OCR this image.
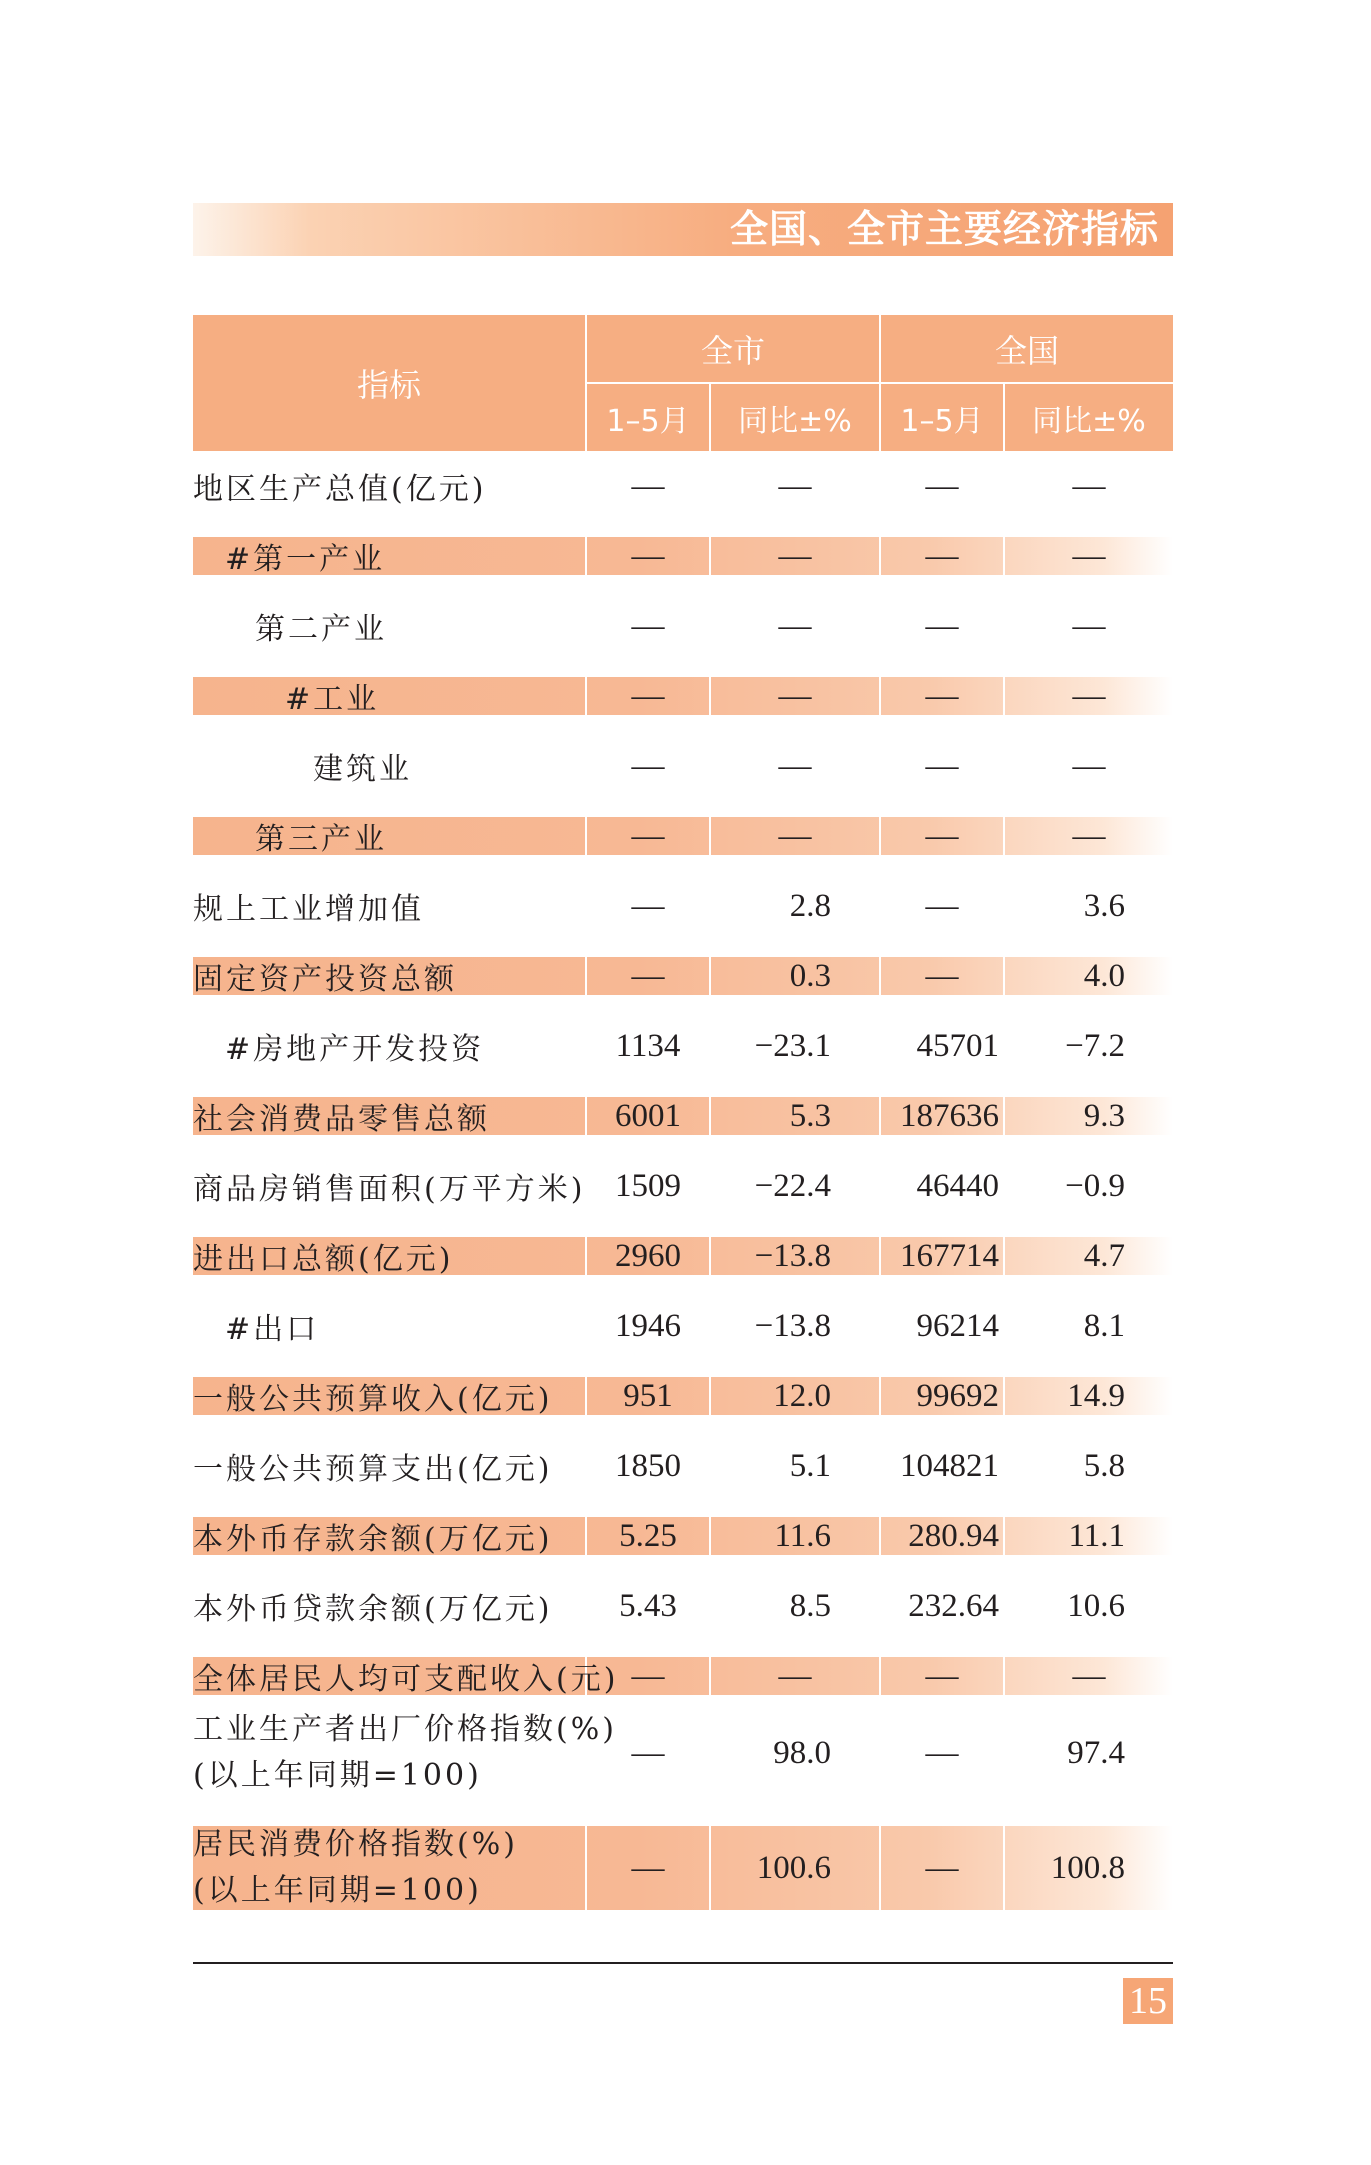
全国、全市主要经济指标
指标
全市	全国
1–5月	同比±%	1–5月	同比±%
地区生产总值(亿元)	—	—	—	—
#第一产业	—	—	—	—
第二产业	—	—	—	—
#工业	—	—	—	—
建筑业	—	—	—	—
第三产业	—	—	—	—
规上工业增加值	—	2.8	—	3.6
固定资产投资总额	—	0.3	—	4.0
#房地产开发投资	1134	−23.1	45701	−7.2
社会消费品零售总额	6001	5.3	187636	9.3
商品房销售面积(万平方米) 1509	−22.4	46440	−0.9
进出口总额(亿元)	2960	−13.8	167714	4.7
#出口	1946	−13.8	96214	8.1
一般公共预算收入(亿元)	951	12.0	99692	14.9
一般公共预算支出(亿元)	1850	5.1	104821	5.8
本外币存款余额(万亿元)	5.25	11.6	280.94	11.1
本外币贷款余额(万亿元)	5.43	8.5	232.64	10.6
全体居民人均可支配收入(元) —	—	—	—
工业生产者出厂价格指数(%)
(以上年同期=100)
—	98.0	—	97.4
居民消费价格指数(%)
(以上年同期=100)
—	100.6	—	100.8
15
